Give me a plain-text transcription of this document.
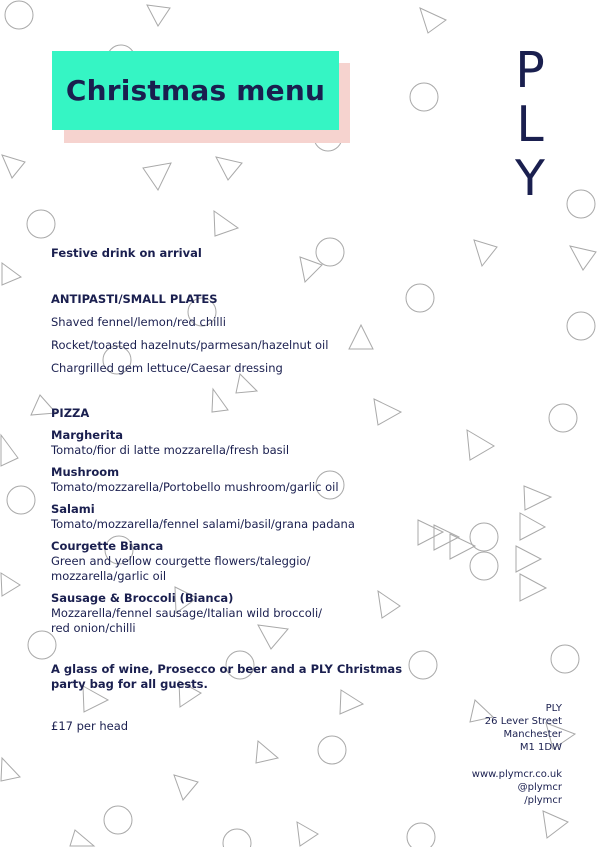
Christmas menu	P
L
Y

Festive drink on arrival

ANTIPASTI/SMALL PLATES

Shaved fennel/lemon/red chilli

Rocket/toasted hazelnuts/parmesan/hazelnut oil

Chargrilled gem lettuce/Caesar dressing

PIZZA

Margherita

Tomato/fior di latte mozzarella/fresh basil

Mushroom

Tomato/mozzarella/Portobello mushroom/garlic oil

Salami

Tomato/mozzarella/fennel salami/basil/grana padana

Courgette Bianca

Green and yellow courgette flowers/taleggio/

mozzarella/garlic oil

Sausage & Broccoli (Bianca)

Mozzarella/fennel sausage/Italian wild broccoli/

red onion/chilli

A glass of wine, Prosecco or beer and a PLY Christmas

party bag for all guests.

£17 per head

PLY

26 Lever Street

Manchester

M1 1DW

www.plymcr.co.uk

@plymcr

/plymcr
